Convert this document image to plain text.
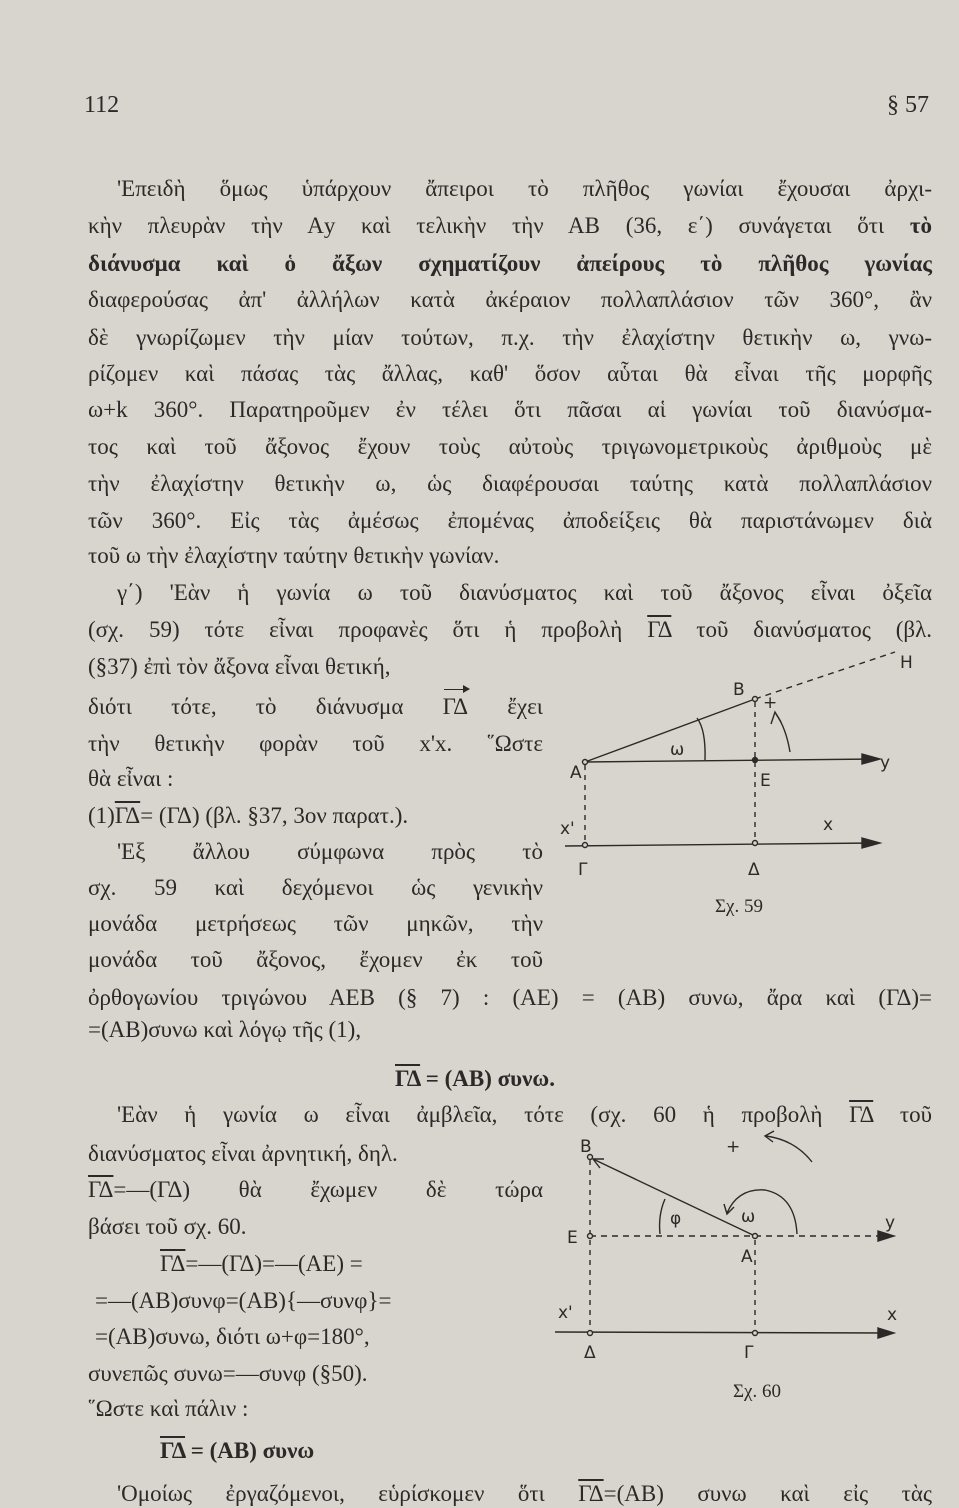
112	§ 57
'Επειδὴ ὅμως ὑπάρχουν ἄπειροι τὸ πλῆθος γωνίαι ἔχουσαι ἀρχι-
κὴν πλευρὰν τὴν Αy καὶ τελικὴν τὴν ΑΒ (36, ε΄) συνάγεται ὅτι τὸ
διάνυσμα καὶ ὁ ἄξων σχηματίζουν ἀπείρους τὸ πλῆθος γωνίας
διαφερούσας ἀπ' ἀλλήλων κατὰ ἀκέραιον πολλαπλάσιον τῶν 360°, ἂν
δὲ γνωρίζωμεν τὴν μίαν τούτων, π.χ. τὴν ἐλαχίστην θετικὴν ω, γνω-
ρίζομεν καὶ πάσας τὰς ἄλλας, καθ' ὅσον αὗται θὰ εἶναι τῆς μορφῆς
ω+k 360°. Παρατηροῦμεν ἐν τέλει ὅτι πᾶσαι αἱ γωνίαι τοῦ διανύσμα-
τος καὶ τοῦ ἄξονος ἔχουν τοὺς αὐτοὺς τριγωνομετρικοὺς ἀριθμοὺς μὲ
τὴν ἐλαχίστην θετικὴν ω, ὡς διαφέρουσαι ταύτης κατὰ πολλαπλάσιον
τῶν 360°. Εἰς τὰς ἀμέσως ἐπομένας ἀποδείξεις θὰ παριστάνωμεν διὰ
τοῦ ω τὴν ἐλαχίστην ταύτην θετικὴν γωνίαν.
γ΄) 'Εὰν ἡ γωνία ω τοῦ διανύσματος καὶ τοῦ ἄξονος εἶναι ὀξεῖα
(σχ. 59) τότε εἶναι προφανὲς ὅτι ἡ προβολὴ $\overline{\Gamma\Delta}$ τοῦ διανύσματος (βλ.
(§37) ἐπὶ τὸν ἄξονα εἶναι θετική,
διότι τότε, τὸ διάνυσμα ΓΔ ἔχει
τὴν θετικὴν φορὰν τοῦ x'x. ῞Ωστε
θὰ εἶναι :
$(1)\overline{\Gamma\Delta}= (\Gamma\Delta)$ (βλ. §37, 3ον παρατ.).
'Εξ ἄλλου σύμφωνα πρὸς τὸ
σχ. 59 καὶ δεχόμενοι ὡς γενικὴν
μονάδα μετρήσεως τῶν μηκῶν, τὴν
μονάδα τοῦ ἄξονος, ἔχομεν ἐκ τοῦ
ὀρθογωνίου τριγώνου ΑΕΒ (§ 7) : (ΑΕ) = (ΑΒ) συνω, ἄρα καὶ (ΓΔ)=
=(ΑΒ)συνω καὶ λόγῳ τῆς (1),
$\overline{\Gamma\Delta} = (AB)$ συνω.
'Εὰν ἡ γωνία ω εἶναι ἀμβλεῖα, τότε (σχ. 60 ἡ προβολὴ $\overline{\Gamma\Delta}$ τοῦ
διανύσματος εἶναι ἀρνητική, δηλ.
$\overline{\Gamma\Delta}=—(\Gamma\Delta)$ θὰ ἔχωμεν δὲ τώρα
βάσει τοῦ σχ. 60.
$\overline{\Gamma\Delta}=—(\Gamma\Delta)=—(AE)$ =
=—(ΑΒ)συνφ=(ΑΒ){—συνφ}=
=(ΑΒ)συνω, διότι ω+φ=180°,
συνεπῶς συνω=—συνφ (§50).
῞Ωστε καὶ πάλιν :
$\overline{\Gamma\Delta} = (AB)$ συνω
'Ομοίως ἐργαζόμενοι, εὑρίσκομεν ὅτι $\overline{\Gamma\Delta}=(AB)$ συνω καὶ εἰς τὰς
A
B
E
H
Γ	Δ
x
x'
y
ω
+
Σχ. 59
B
E
A
Δ	Γ
x
x'
y
φ	ω
+
Σχ. 60
